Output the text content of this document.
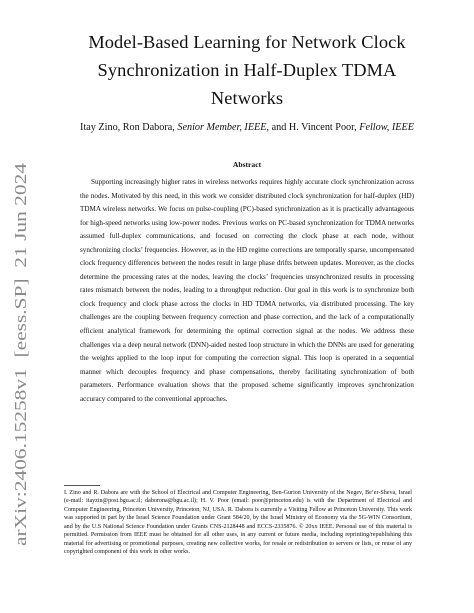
arXiv:2406.15258v1  [eess.SP]  21 Jun 2024
Model-Based Learning for Network Clock
Synchronization in Half-Duplex TDMA
Networks
Itay Zino, Ron Dabora, Senior Member, IEEE, and H. Vincent Poor, Fellow, IEEE
Abstract

Supporting increasingly higher rates in wireless networks requires highly accurate clock synchronization across the nodes. Motivated by this need, in this work we consider distributed clock synchronization for half-duplex (HD) TDMA wireless networks. We focus on pulse-coupling (PC)-based synchronization as it is practically advantageous for high-speed networks using low-power nodes. Previous works on PC-based synchronization for TDMA networks assumed full-duplex communications, and focused on correcting the clock phase at each node, without synchronizing clocks’ frequencies. However, as in the HD regime corrections are temporally sparse, uncompensated clock frequency differences between the nodes result in large phase drifts between updates. Moreover, as the clocks determine the processing rates at the nodes, leaving the clocks’ frequencies unsynchronized results in processing rates mismatch between the nodes, leading to a throughput reduction. Our goal in this work is to synchronize both clock frequency and clock phase across the clocks in HD TDMA networks, via distributed processing. The key challenges are the coupling between frequency correction and phase correction, and the lack of a computationally efficient analytical framework for determining the optimal correction signal at the nodes. We address these challenges via a deep neural network (DNN)-aided nested loop structure in which the DNNs are used for generating the weights applied to the loop input for computing the correction signal. This loop is operated in a sequential manner which decouples frequency and phase compensations, thereby facilitating synchronization of both parameters. Performance evaluation shows that the proposed scheme significantly improves synchronization accuracy compared to the conventional approaches.

I. Zino and R. Dabora are with the School of Electrical and Computer Engineering, Ben-Gurion University of the Negev, Be’er-Sheva, Israel (e-mail: itayzin@post.bgu.ac.il; daborona@bgu.ac.il); H. V. Poor (email: poor@princeton.edu) is with the Department of Electrical and Computer Engineering, Princeton University, Princeton, NJ, USA. R. Dabora is currently a Visiting Fellow at Princeton University. This work was supported in part by the Israel Science Foundation under Grant 584/20, by the Israel Ministry of Economy via the 5G-WIN Consortium, and by the U.S National Science Foundation under Grants CNS-2128448 and ECCS-2335876. © 20xx IEEE. Personal use of this material is permitted. Permission from IEEE must be obtained for all other uses, in any current or future media, including reprinting/republishing this material for advertising or promotional purposes, creating new collective works, for resale or redistribution to servers or lists, or reuse of any copyrighted component of this work in other works.
